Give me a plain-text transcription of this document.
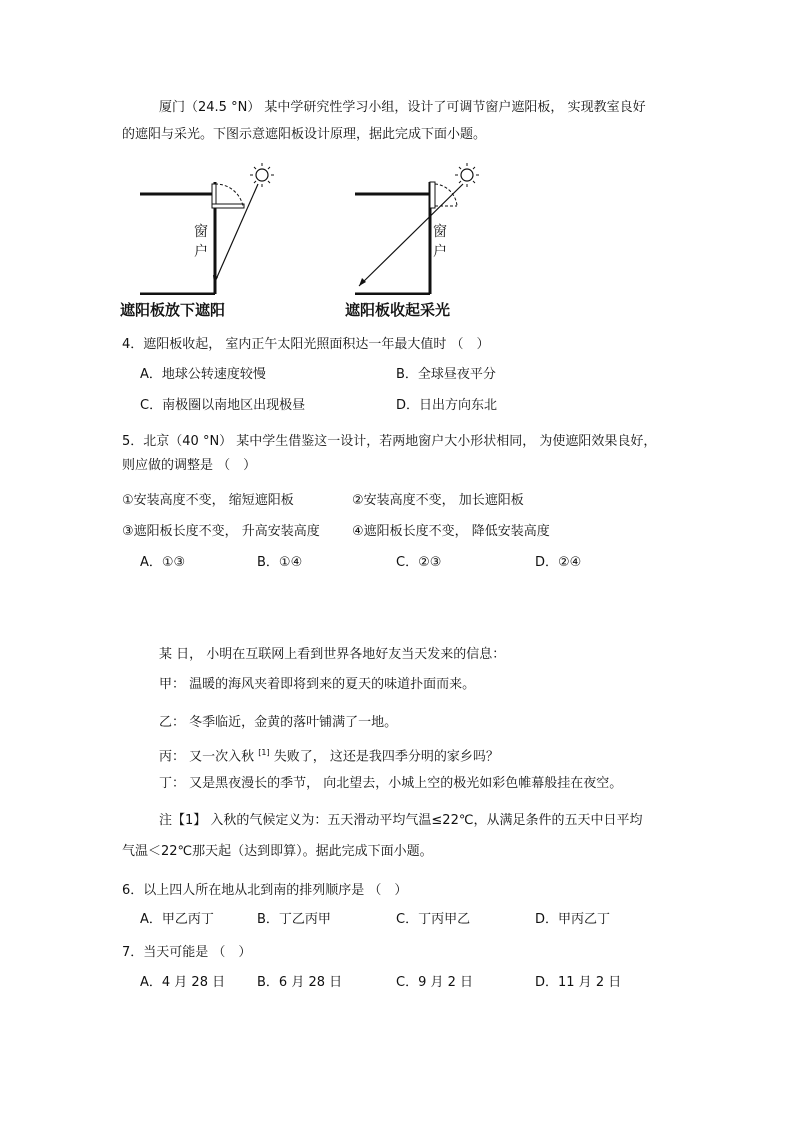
厦门（24.5 °N） 某中学研究性学习小组，设计了可调节窗户遮阳板， 实现教室良好
的遮阳与采光。下图示意遮阳板设计原理，据此完成下面小题。
窗
户
遮阳板放下遮阳
窗
户
遮阳板收起采光
4．遮阳板收起， 室内正午太阳光照面积达一年最大值时 （　）
A．地球公转速度较慢	B．全球昼夜平分
C．南极圈以南地区出现极昼	D．日出方向东北
5．北京（40 °N） 某中学生借鉴这一设计，若两地窗户大小形状相同， 为使遮阳效果良好，
则应做的调整是 （　）
①安装高度不变， 缩短遮阳板	②安装高度不变， 加长遮阳板
③遮阳板长度不变， 升高安装高度 ④遮阳板长度不变， 降低安装高度
A．①③	B．①④	C．②③	D．②④
某 日， 小明在互联网上看到世界各地好友当天发来的信息：
甲： 温暖的海风夹着即将到来的夏天的味道扑面而来。
乙： 冬季临近，金黄的落叶铺满了一地。
丙： 又一次入秋 [1] 失败了， 这还是我四季分明的家乡吗？
丁： 又是黑夜漫长的季节， 向北望去，小城上空的极光如彩色帷幕般挂在夜空。
注【1】 入秋的气候定义为：五天滑动平均气温≤22℃，从满足条件的五天中日平均
气温＜22℃那天起（达到即算）。据此完成下面小题。
6．以上四人所在地从北到南的排列顺序是 （　）
A．甲乙丙丁	B．丁乙丙甲	C．丁丙甲乙	D．甲丙乙丁
7．当天可能是 （　）
A．4 月 28 日 B．6 月 28 日	C．9 月 2 日	D．11 月 2 日
